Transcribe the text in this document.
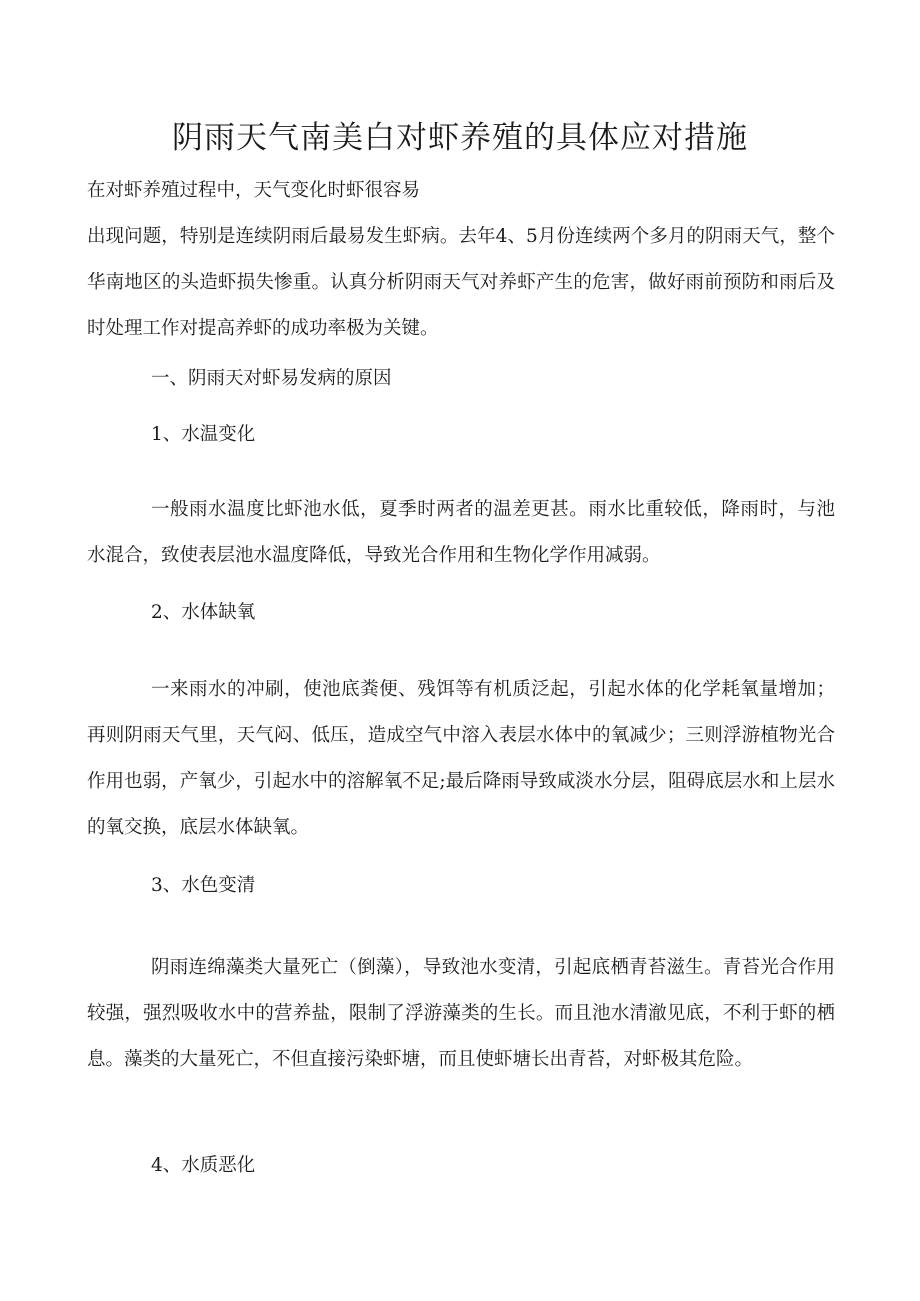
阴雨天气南美白对虾养殖的具体应对措施

在对虾养殖过程中，天气变化时虾很容易
出现问题，特别是连续阴雨后最易发生虾病。去年4、5月份连续两个多月的阴雨天气，整个华南地区的头造虾损失惨重。认真分析阴雨天气对养虾产生的危害，做好雨前预防和雨后及时处理工作对提高养虾的成功率极为关键。

一、阴雨天对虾易发病的原因

1、水温变化

一般雨水温度比虾池水低，夏季时两者的温差更甚。雨水比重较低，降雨时，与池水混合，致使表层池水温度降低，导致光合作用和生物化学作用减弱。

2、水体缺氧

一来雨水的冲刷，使池底粪便、残饵等有机质泛起，引起水体的化学耗氧量增加；再则阴雨天气里，天气闷、低压，造成空气中溶入表层水体中的氧减少；三则浮游植物光合作用也弱，产氧少，引起水中的溶解氧不足;最后降雨导致咸淡水分层，阻碍底层水和上层水的氧交换，底层水体缺氧。

3、水色变清

阴雨连绵藻类大量死亡（倒藻），导致池水变清，引起底栖青苔滋生。青苔光合作用较强，强烈吸收水中的营养盐，限制了浮游藻类的生长。而且池水清澈见底，不利于虾的栖息。藻类的大量死亡，不但直接污染虾塘，而且使虾塘长出青苔，对虾极其危险。

4、水质恶化
